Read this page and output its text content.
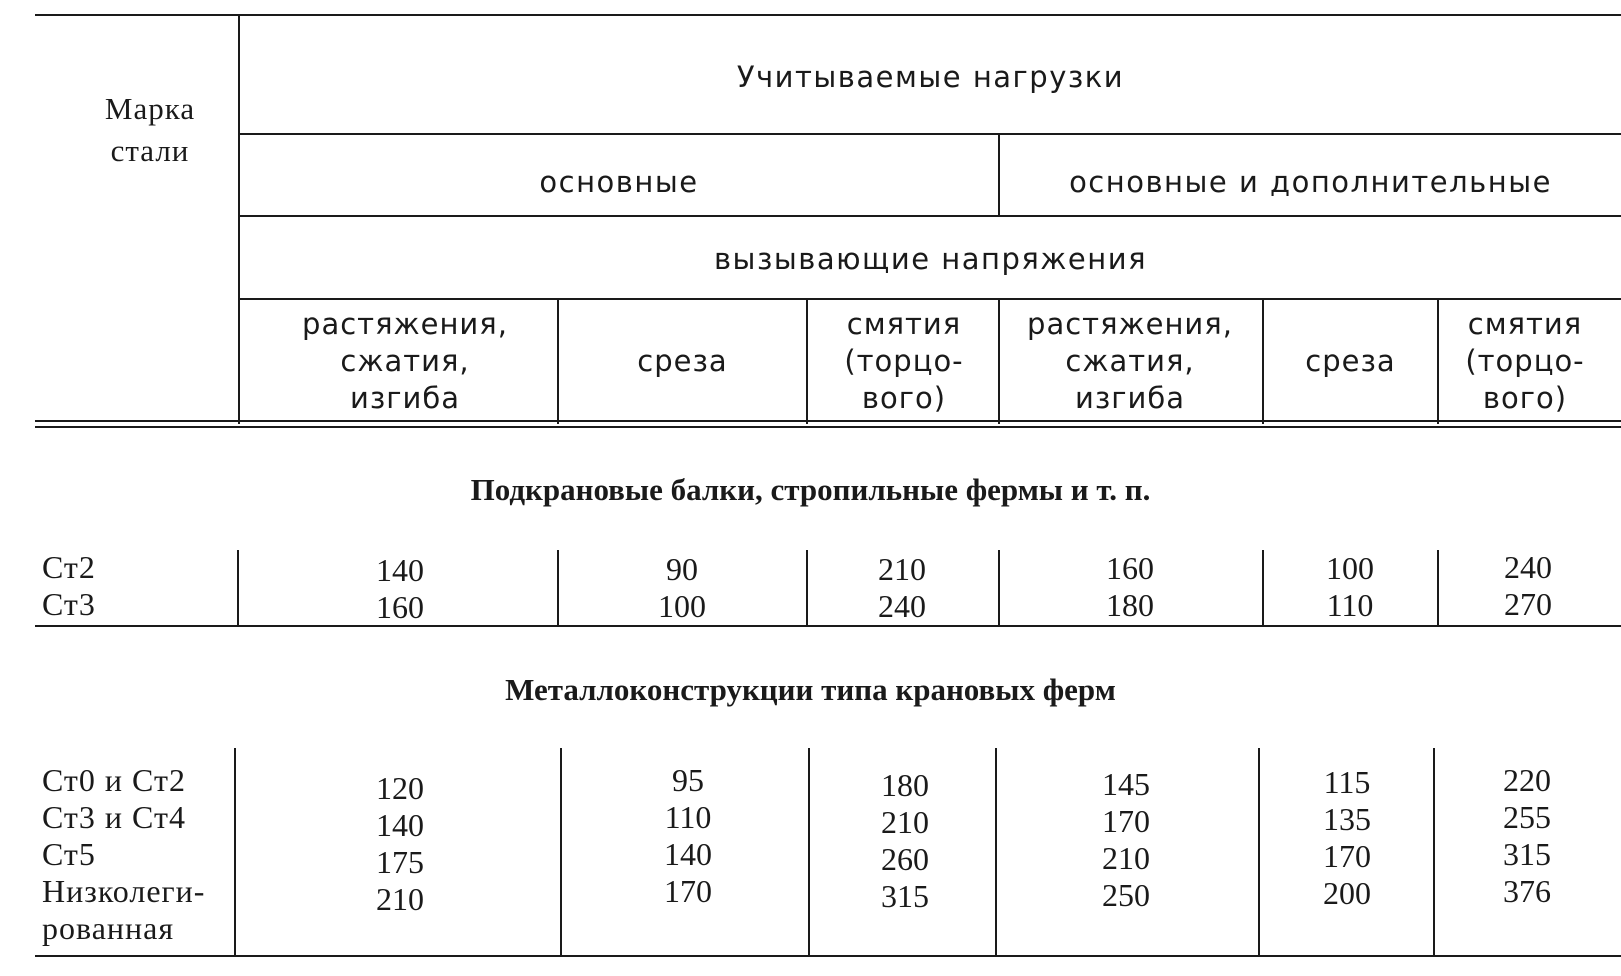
Марка стали
Учитываемые нагрузки
основные	основные и дополнительные
вызывающие напряжения
растяжения, сжатия, изгиба
среза
смятия (торцо- вого)
растяжения, сжатия, изгиба
среза
смятия (торцо- вого)
Подкрановые балки, стропильные фермы и т. п.
Ст2
Ст3
140
160
90
100
210
240
160
180
100
110
240
270
Металлоконструкции типа крановых ферм
Ст0 и Ст2
Ст3 и Ст4
Ст5
Низколеги-рованная
120
140
175
210
95
110
140
170
180
210
260
315
145
170
210
250
115
135
170
200
220
255
315
376
